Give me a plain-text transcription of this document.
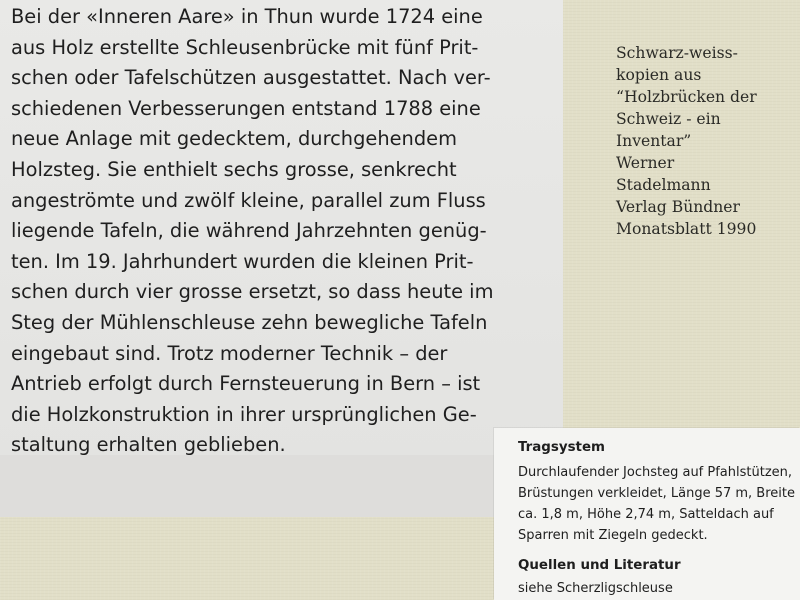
Bei der «Inneren Aare» in Thun wurde 1724 eine
aus Holz erstellte Schleusenbrücke mit fünf Prit-
schen oder Tafelschützen ausgestattet. Nach ver-
schiedenen Verbesserungen entstand 1788 eine
neue Anlage mit gedecktem, durchgehendem
Holzsteg. Sie enthielt sechs grosse, senkrecht
angeströmte und zwölf kleine, parallel zum Fluss
liegende Tafeln, die während Jahrzehnten genüg-
ten. Im 19. Jahrhundert wurden die kleinen Prit-
schen durch vier grosse ersetzt, so dass heute im
Steg der Mühlenschleuse zehn bewegliche Tafeln
eingebaut sind. Trotz moderner Technik – der
Antrieb erfolgt durch Fernsteuerung in Bern – ist
die Holzkonstruktion in ihrer ursprünglichen Ge-
staltung erhalten geblieben.

Schwarz-weiss-
kopien aus
“Holzbrücken der
Schweiz - ein
Inventar”
Werner
Stadelmann
Verlag Bündner
Monatsblatt 1990
Tragsystem
Durchlaufender Jochsteg auf Pfahlstützen,
Brüstungen verkleidet, Länge 57 m, Breite
ca. 1,8 m, Höhe 2,74 m, Satteldach auf
Sparren mit Ziegeln gedeckt.
Quellen und Literatur
siehe Scherzligschleuse
